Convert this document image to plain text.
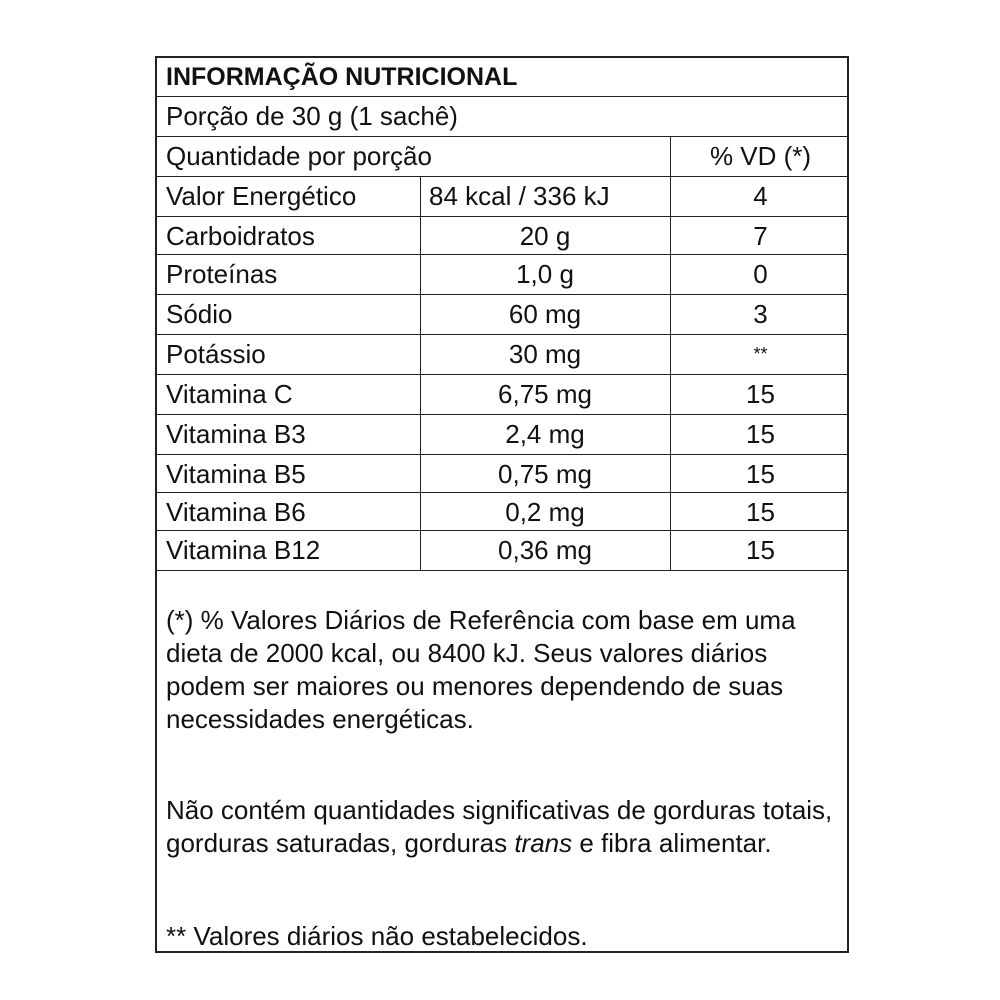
INFORMAÇÃO NUTRICIONAL
Porção de 30 g (1 sachê)
Quantidade por porção	% VD (*)
Valor Energético	84 kcal / 336 kJ	4
Carboidratos	20 g	7
Proteínas	1,0 g	0
Sódio	60 mg	3
Potássio	30 mg	**
Vitamina C	6,75 mg	15
Vitamina B3	2,4 mg	15
Vitamina B5	0,75 mg	15
Vitamina B6	0,2 mg	15
Vitamina B12	0,36 mg	15

(*) % Valores Diários de Referência com base em uma dieta de 2000 kcal, ou 8400 kJ. Seus valores diários podem ser maiores ou menores dependendo de suas necessidades energéticas.

Não contém quantidades significativas de gorduras totais, gorduras saturadas, gorduras trans e fibra alimentar.

** Valores diários não estabelecidos.
